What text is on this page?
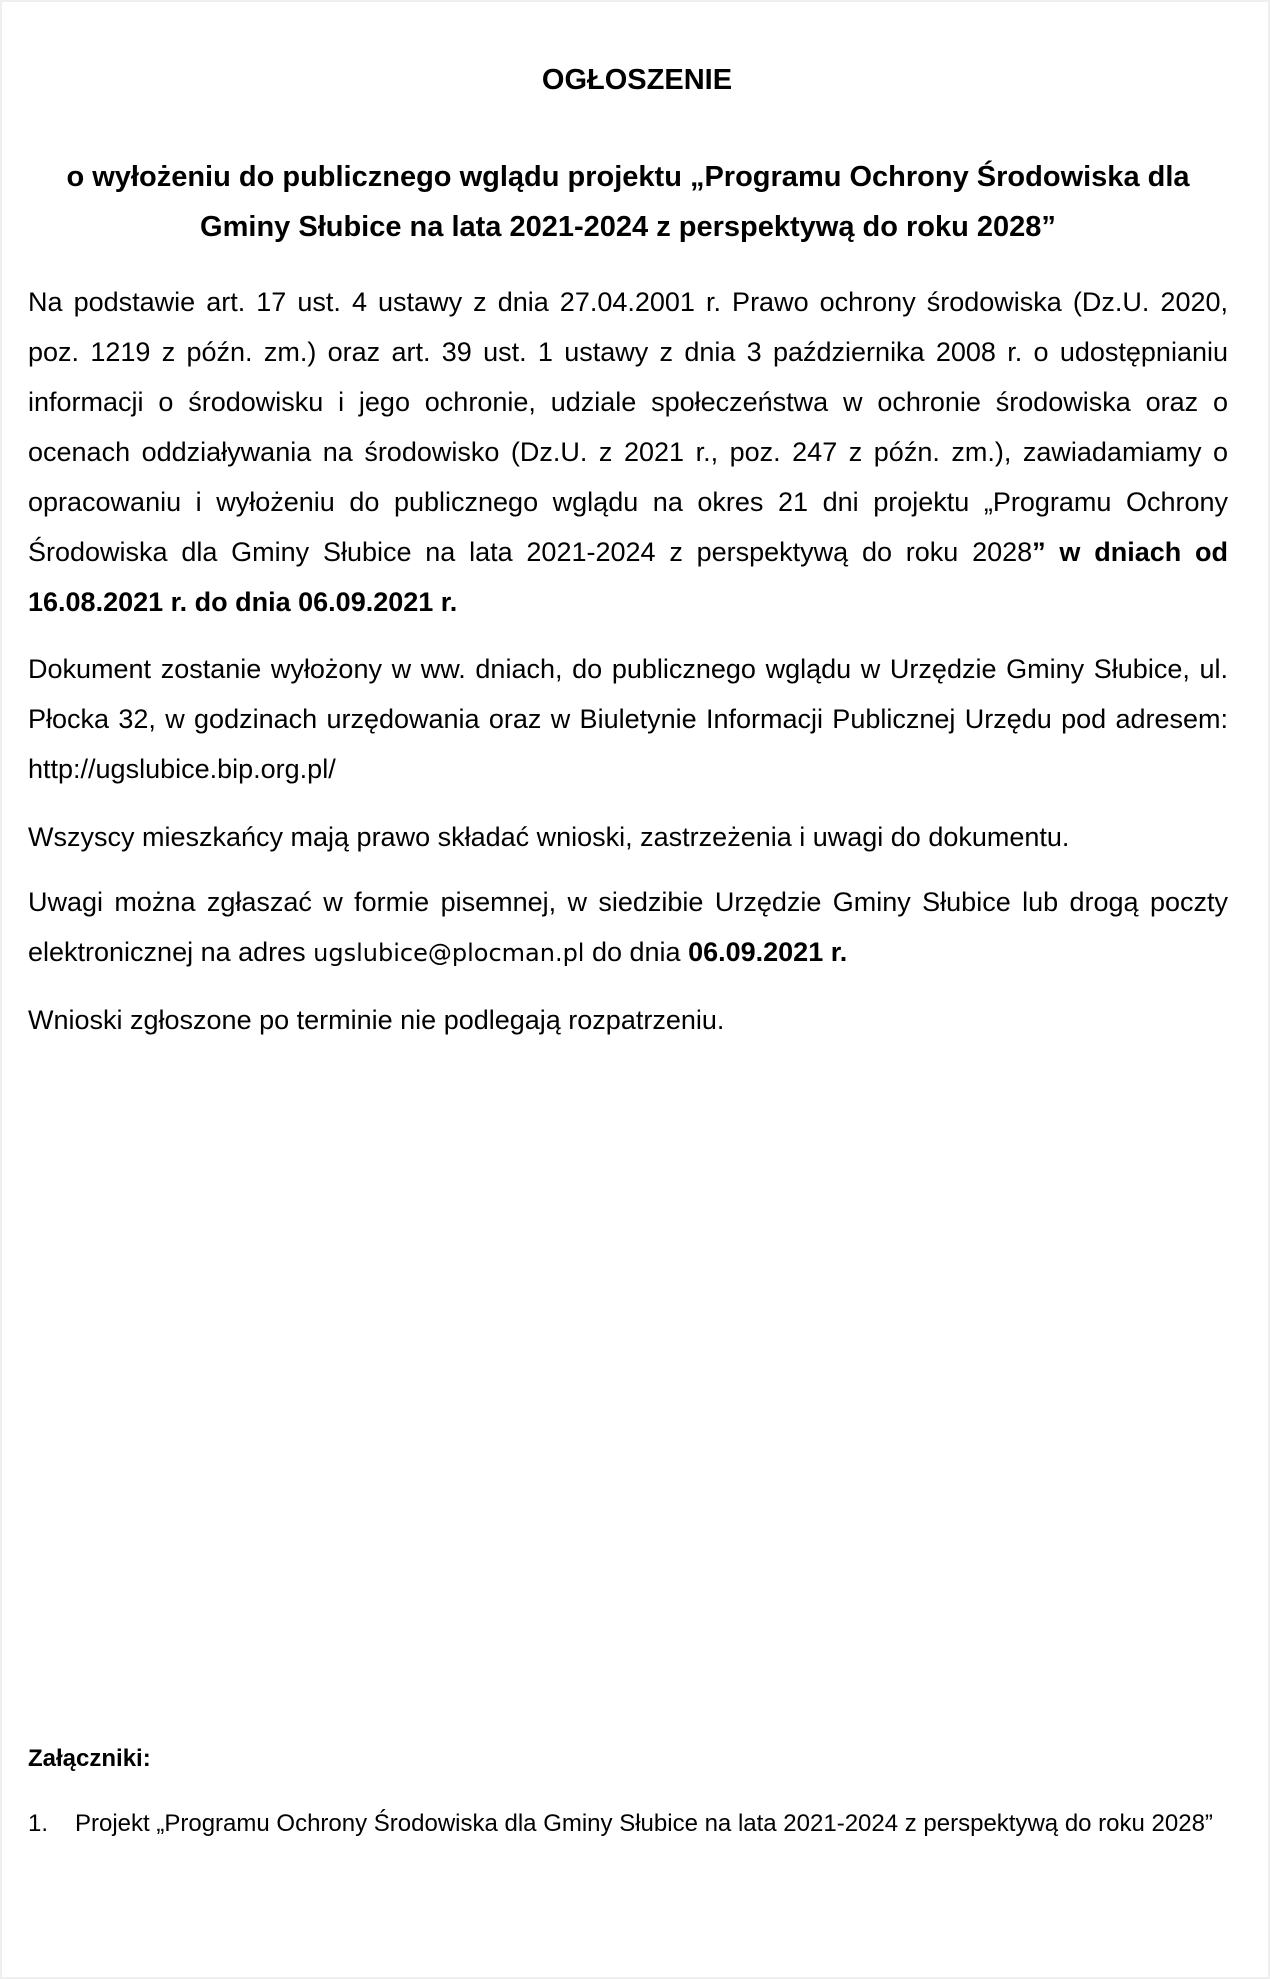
OGŁOSZENIE
o wyłożeniu do publicznego wglądu projektu „Programu Ochrony Środowiska dla Gminy Słubice na lata 2021-2024 z perspektywą do roku 2028”

Na podstawie art. 17 ust. 4 ustawy z dnia 27.04.2001 r. Prawo ochrony środowiska (Dz.U. 2020, poz. 1219 z późn. zm.) oraz art. 39 ust. 1 ustawy z dnia 3 października 2008 r. o udostępnianiu informacji o środowisku i jego ochronie, udziale społeczeństwa w ochronie środowiska oraz o ocenach oddziaływania na środowisko (Dz.U. z 2021 r., poz. 247 z późn. zm.), zawiadamiamy o opracowaniu i wyłożeniu do publicznego wglądu na okres 21 dni projektu „Programu Ochrony Środowiska dla Gminy Słubice na lata 2021-2024 z perspektywą do roku 2028” w dniach od 16.08.2021 r. do dnia 06.09.2021 r.

Dokument zostanie wyłożony w ww. dniach, do publicznego wglądu w Urzędzie Gminy Słubice, ul. Płocka 32, w godzinach urzędowania oraz w Biuletynie Informacji Publicznej Urzędu pod adresem: http://ugslubice.bip.org.pl/

Wszyscy mieszkańcy mają prawo składać wnioski, zastrzeżenia i uwagi do dokumentu.

Uwagi można zgłaszać w formie pisemnej, w siedzibie Urzędzie Gminy Słubice lub drogą poczty elektronicznej na adres ugslubice@plocman.pl do dnia 06.09.2021 r.

Wnioski zgłoszone po terminie nie podlegają rozpatrzeniu.

Załączniki:

1.	Projekt „Programu Ochrony Środowiska dla Gminy Słubice na lata 2021-2024 z perspektywą do roku 2028”
